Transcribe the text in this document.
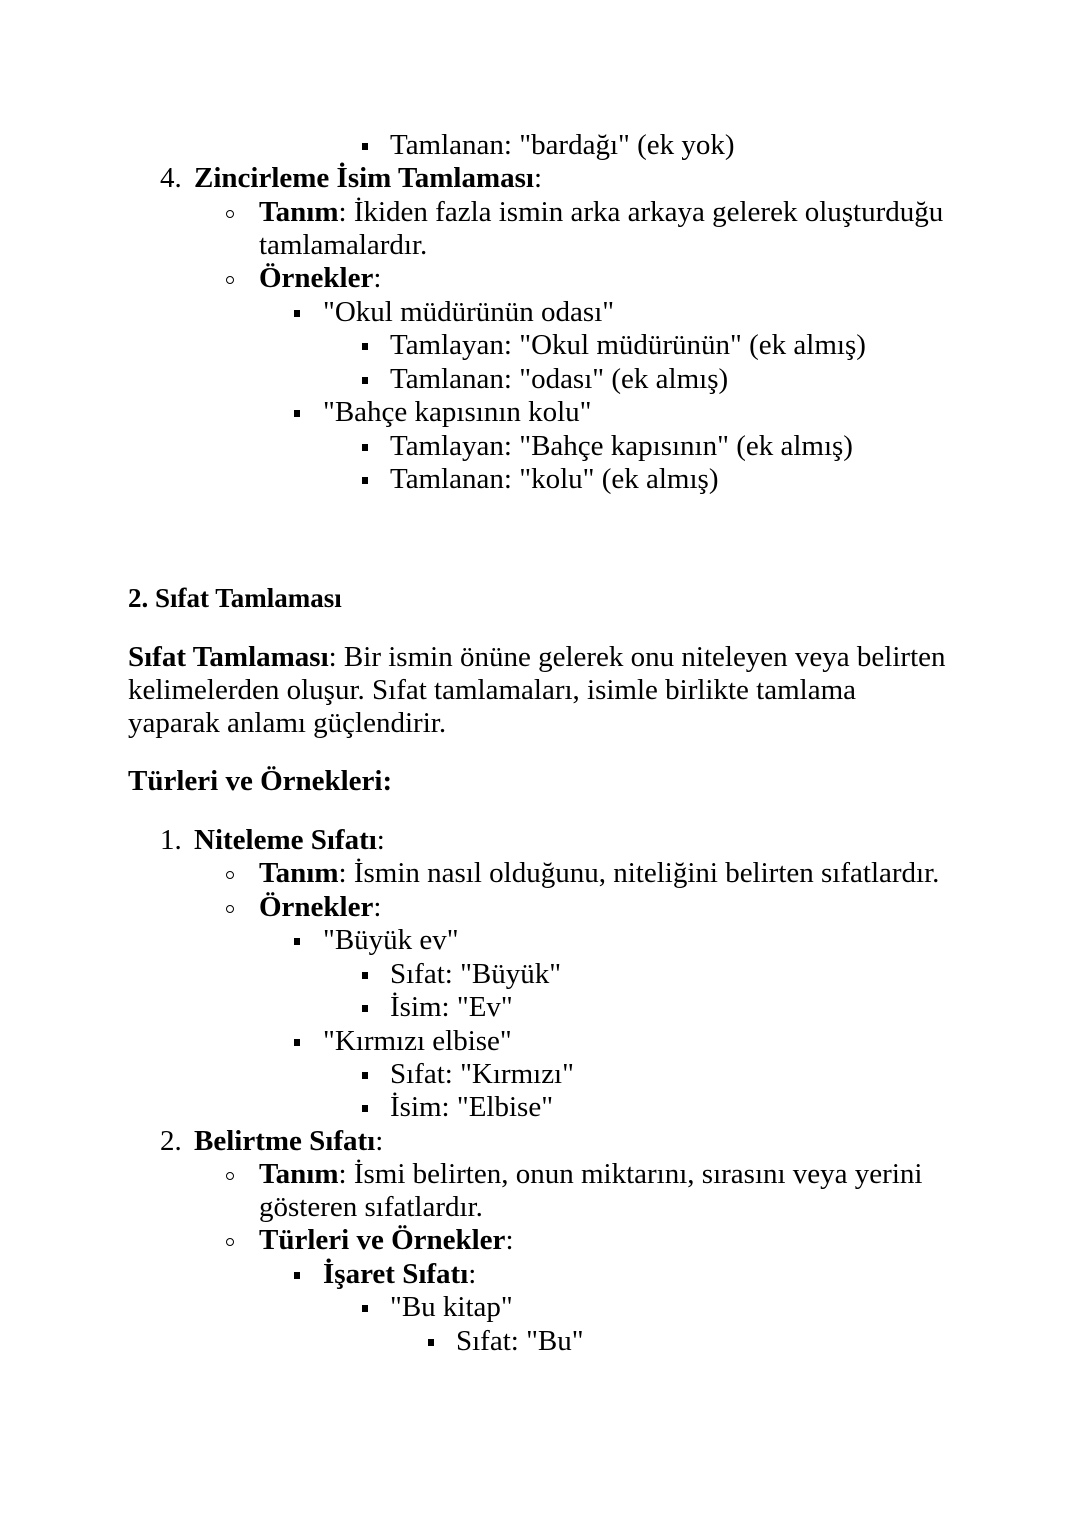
Tamlanan: "bardağı" (ek yok)
4. Zincirleme İsim Tamlaması:
Tanım: İkiden fazla ismin arka arkaya gelerek oluşturduğu
tamlamalardır.
Örnekler:
"Okul müdürünün odası"
Tamlayan: "Okul müdürünün" (ek almış)
Tamlanan: "odası" (ek almış)
"Bahçe kapısının kolu"
Tamlayan: "Bahçe kapısının" (ek almış)
Tamlanan: "kolu" (ek almış)
2. Sıfat Tamlaması
Sıfat Tamlaması: Bir ismin önüne gelerek onu niteleyen veya belirten
kelimelerden oluşur. Sıfat tamlamaları, isimle birlikte tamlama
yaparak anlamı güçlendirir.
Türleri ve Örnekleri:
1. Niteleme Sıfatı:
Tanım: İsmin nasıl olduğunu, niteliğini belirten sıfatlardır.
Örnekler:
"Büyük ev"
Sıfat: "Büyük"
İsim: "Ev"
"Kırmızı elbise"
Sıfat: "Kırmızı"
İsim: "Elbise"
2. Belirtme Sıfatı:
Tanım: İsmi belirten, onun miktarını, sırasını veya yerini
gösteren sıfatlardır.
Türleri ve Örnekler:
İşaret Sıfatı:
"Bu kitap"
Sıfat: "Bu"
